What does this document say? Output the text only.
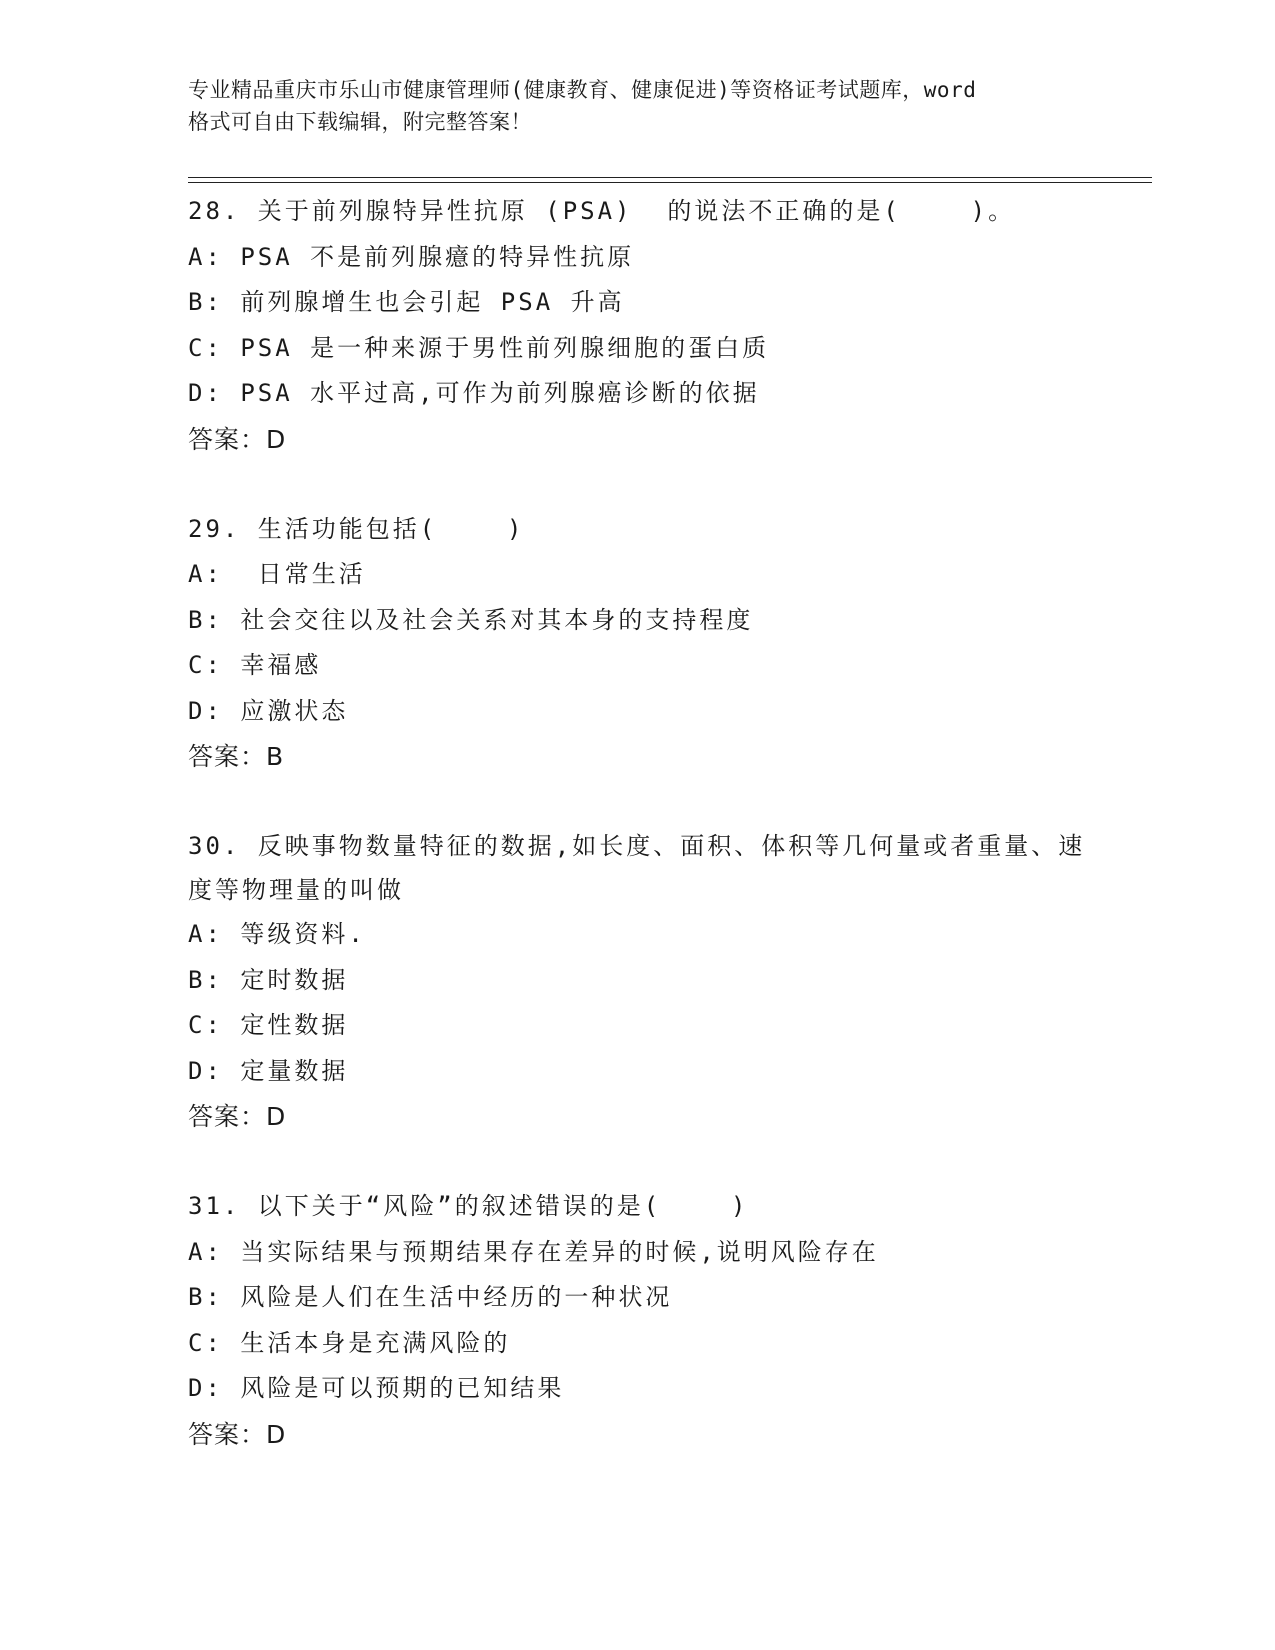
专业精品重庆市乐山市健康管理师(健康教育、健康促进)等资格证考试题库，word
格式可自由下载编辑，附完整答案！
28. 关于前列腺特异性抗原 (PSA)  的说法不正确的是(    )。
A: PSA 不是前列腺癔的特异性抗原
B: 前列腺增生也会引起 PSA 升高
C: PSA 是一种来源于男性前列腺细胞的蛋白质
D: PSA 水平过高,可作为前列腺癌诊断的依据
答案：D
29. 生活功能包括(    )
A:  日常生活
B: 社会交往以及社会关系对其本身的支持程度
C: 幸福感
D: 应激状态
答案：B
30. 反映事物数量特征的数据,如长度、面积、体积等几何量或者重量、速度等物理量的叫做
A: 等级资料.
B: 定时数据
C: 定性数据
D: 定量数据
答案：D
31. 以下关于“风险”的叙述错误的是(    )
A: 当实际结果与预期结果存在差异的时候,说明风险存在
B: 风险是人们在生活中经历的一种状况
C: 生活本身是充满风险的
D: 风险是可以预期的已知结果
答案：D
